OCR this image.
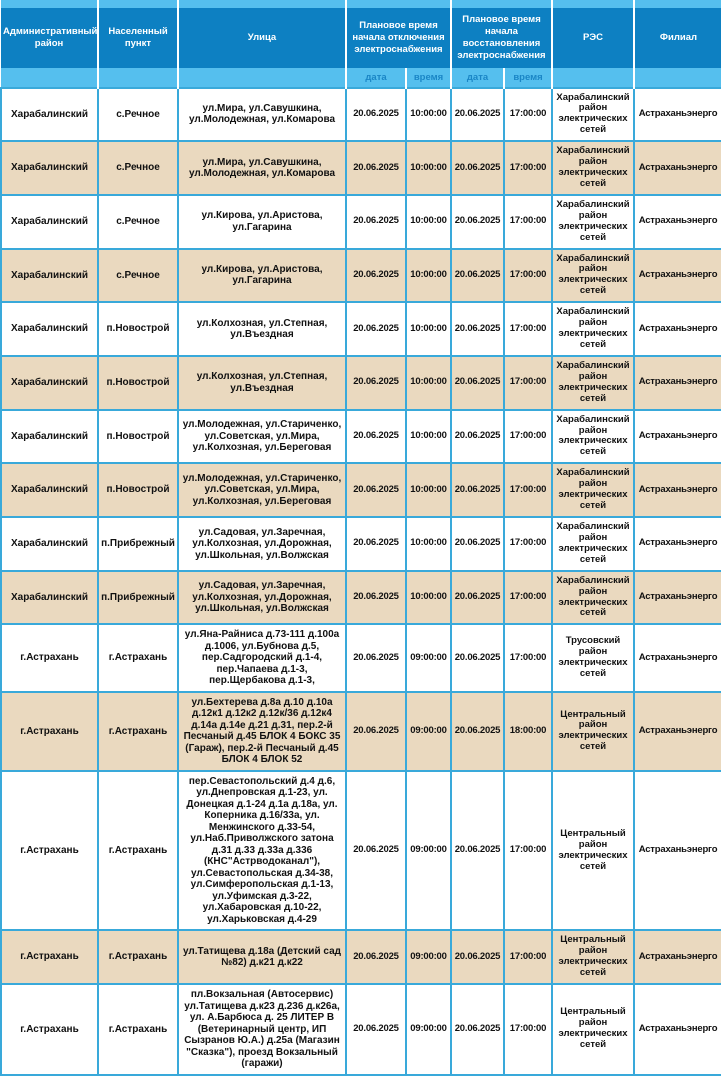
Административный район	Населенный пункт	Улица	Плановое время начала отключения электроснабжения		Плановое время начала восстановления электроснабжения		РЭС	Филиал
			дата	время	дата	время		
Харабалинский	с.Речное	ул.Мира, ул.Савушкина, ул.Молодежная, ул.Комарова	20.06.2025	10:00:00	20.06.2025	17:00:00	Харабалинский район электрических сетей	Астраханьэнерго
Харабалинский	с.Речное	ул.Мира, ул.Савушкина, ул.Молодежная, ул.Комарова	20.06.2025	10:00:00	20.06.2025	17:00:00	Харабалинский район электрических сетей	Астраханьэнерго
Харабалинский	с.Речное	ул.Кирова, ул.Аристова, ул.Гагарина	20.06.2025	10:00:00	20.06.2025	17:00:00	Харабалинский район электрических сетей	Астраханьэнерго
Харабалинский	с.Речное	ул.Кирова, ул.Аристова, ул.Гагарина	20.06.2025	10:00:00	20.06.2025	17:00:00	Харабалинский район электрических сетей	Астраханьэнерго
Харабалинский	п.Новострой	ул.Колхозная, ул.Степная, ул.Въездная	20.06.2025	10:00:00	20.06.2025	17:00:00	Харабалинский район электрических сетей	Астраханьэнерго
Харабалинский	п.Новострой	ул.Колхозная, ул.Степная, ул.Въездная	20.06.2025	10:00:00	20.06.2025	17:00:00	Харабалинский район электрических сетей	Астраханьэнерго
Харабалинский	п.Новострой	ул.Молодежная, ул.Стариченко, ул.Советская, ул.Мира, ул.Колхозная, ул.Береговая	20.06.2025	10:00:00	20.06.2025	17:00:00	Харабалинский район электрических сетей	Астраханьэнерго
Харабалинский	п.Новострой	ул.Молодежная, ул.Стариченко, ул.Советская, ул.Мира, ул.Колхозная, ул.Береговая	20.06.2025	10:00:00	20.06.2025	17:00:00	Харабалинский район электрических сетей	Астраханьэнерго
Харабалинский	п.Прибрежный	ул.Садовая, ул.Заречная, ул.Колхозная, ул.Дорожная, ул.Школьная, ул.Волжская	20.06.2025	10:00:00	20.06.2025	17:00:00	Харабалинский район электрических сетей	Астраханьэнерго
Харабалинский	п.Прибрежный	ул.Садовая, ул.Заречная, ул.Колхозная, ул.Дорожная, ул.Школьная, ул.Волжская	20.06.2025	10:00:00	20.06.2025	17:00:00	Харабалинский район электрических сетей	Астраханьэнерго
г.Астрахань	г.Астрахань	ул.Яна-Райниса д.73-111 д.100а д.1006, ул.Бубнова д.5, пер.Садгородский д.1-4, пер.Чапаева д.1-3, пер.Щербакова д.1-3,	20.06.2025	09:00:00	20.06.2025	17:00:00	Трусовский район электрических сетей	Астраханьэнерго
г.Астрахань	г.Астрахань	ул.Бехтерева д.8а д.10 д.10а д.12к1 д.12к2 д.12к/36 д.12к4 д.14а д.14е д.21 д.31, пер.2-й Песчаный д.45 БЛОК 4 БОКС 35 (Гараж), пер.2-й Песчаный д.45 БЛОК 4 БЛОК 52	20.06.2025	09:00:00	20.06.2025	18:00:00	Центральный район электрических сетей	Астраханьэнерго
г.Астрахань	г.Астрахань	пер.Севастопольский д.4 д.6, ул.Днепровская д.1-23, ул. Донецкая д.1-24 д.1а д.18а, ул. Коперника д.16/33а, ул. Менжинского д.33-54, ул.Наб.Приволжского затона д.31 д.33 д.33а д.336 (КНС"Астрводоканал"), ул.Севастопольская д.34-38, ул.Симферопольская д.1-13, ул.Уфимская д.3-22, ул.Хабаровская д.10-22, ул.Харьковская д.4-29	20.06.2025	09:00:00	20.06.2025	17:00:00	Центральный район электрических сетей	Астраханьэнерго
г.Астрахань	г.Астрахань	ул.Татищева д.18а (Детский сад №82) д.к21 д.к22	20.06.2025	09:00:00	20.06.2025	17:00:00	Центральный район электрических сетей	Астраханьэнерго
г.Астрахань	г.Астрахань	пл.Вокзальная (Автосервис) ул.Татищева д.к23 д.236 д.к26а, ул. А.Барбюса д. 25 ЛИТЕР В (Ветеринарный центр, ИП Сызранов Ю.А.) д.25а (Магазин "Сказка"), проезд Вокзальный (гаражи)	20.06.2025	09:00:00	20.06.2025	17:00:00	Центральный район электрических сетей	Астраханьэнерго
